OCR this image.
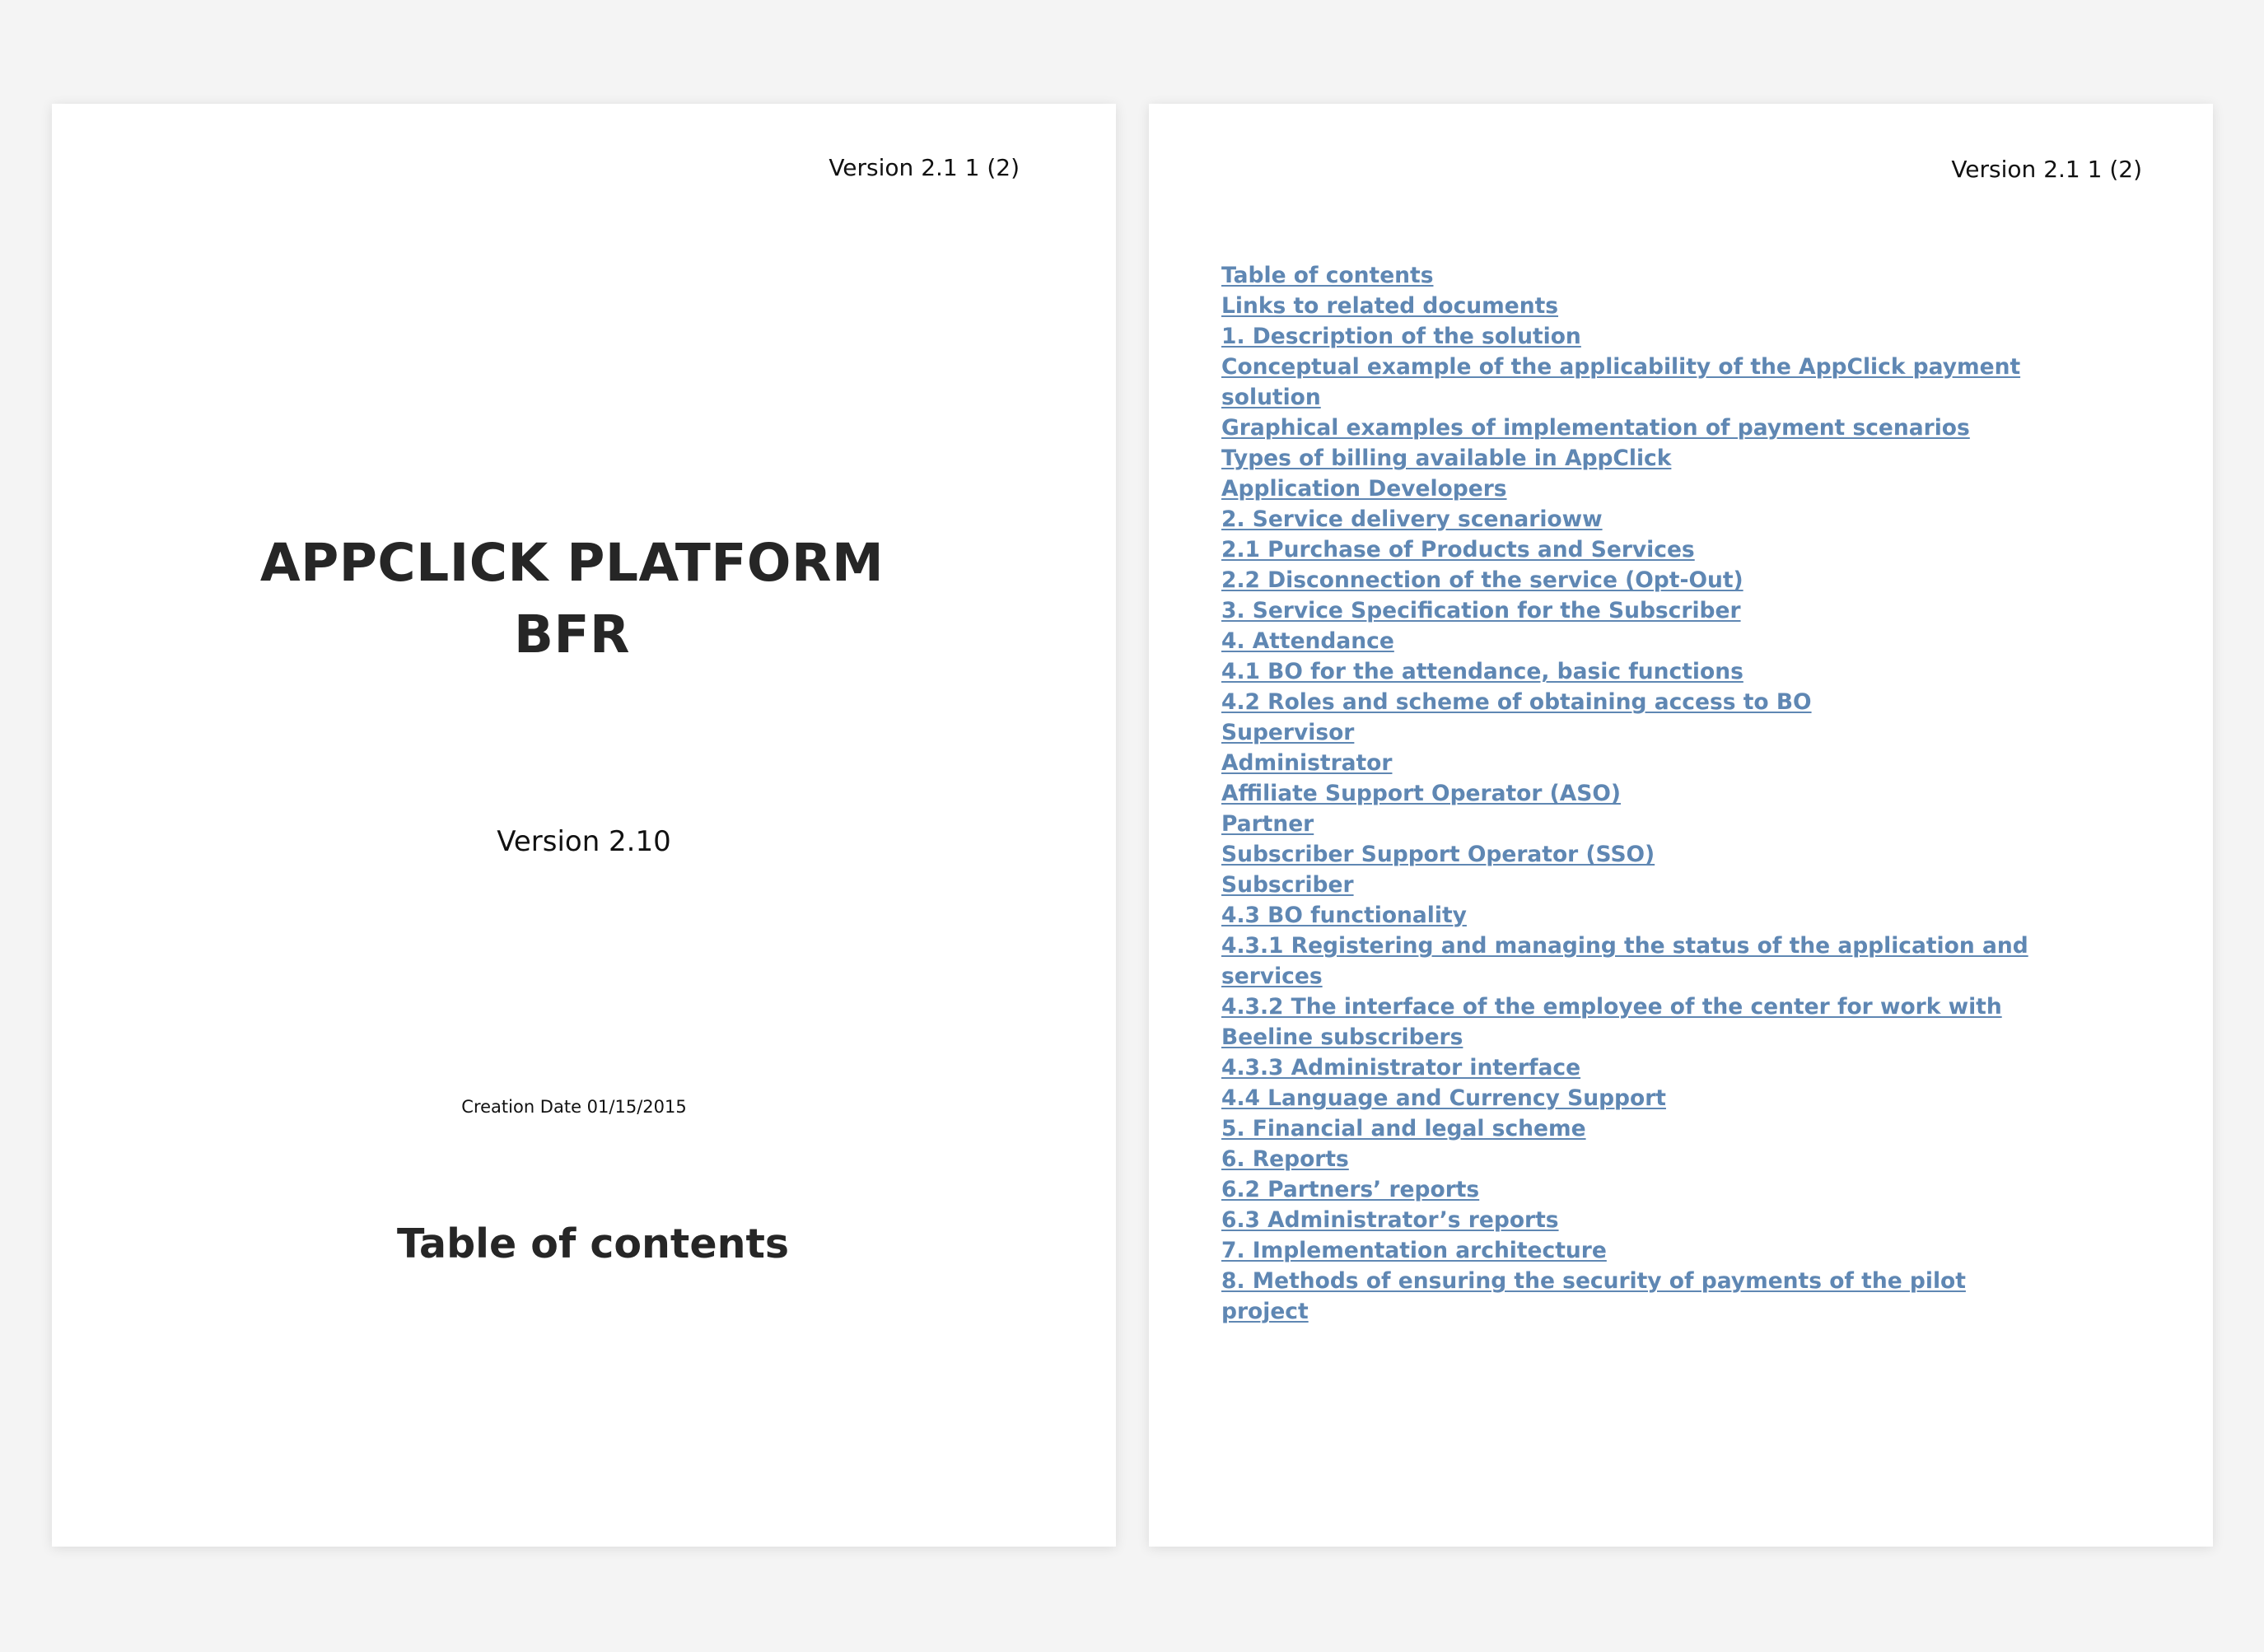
Version 2.1 1 (2)
APPCLICK PLATFORM
BFR
Version 2.10
Creation Date 01/15/2015
Table of contents
Version 2.1 1 (2)
Table of contents
Links to related documents
1. Description of the solution
Conceptual example of the applicability of the AppClick payment solution
Graphical examples of implementation of payment scenarios
Types of billing available in AppClick
Application Developers
2. Service delivery scenarioww
2.1 Purchase of Products and Services
2.2 Disconnection of the service (Opt-Out)
3. Service Specification for the Subscriber
4. Attendance
4.1 BO for the attendance, basic functions
4.2 Roles and scheme of obtaining access to BO
Supervisor
Administrator
Affiliate Support Operator (ASO)
Partner
Subscriber Support Operator (SSO)
Subscriber
4.3 BO functionality
4.3.1 Registering and managing the status of the application and services
4.3.2 The interface of the employee of the center for work with Beeline subscribers
4.3.3 Administrator interface
4.4 Language and Currency Support
5. Financial and legal scheme
6. Reports
6.2 Partners’ reports
6.3 Administrator’s reports
7. Implementation architecture
8. Methods of ensuring the security of payments of the pilot project
